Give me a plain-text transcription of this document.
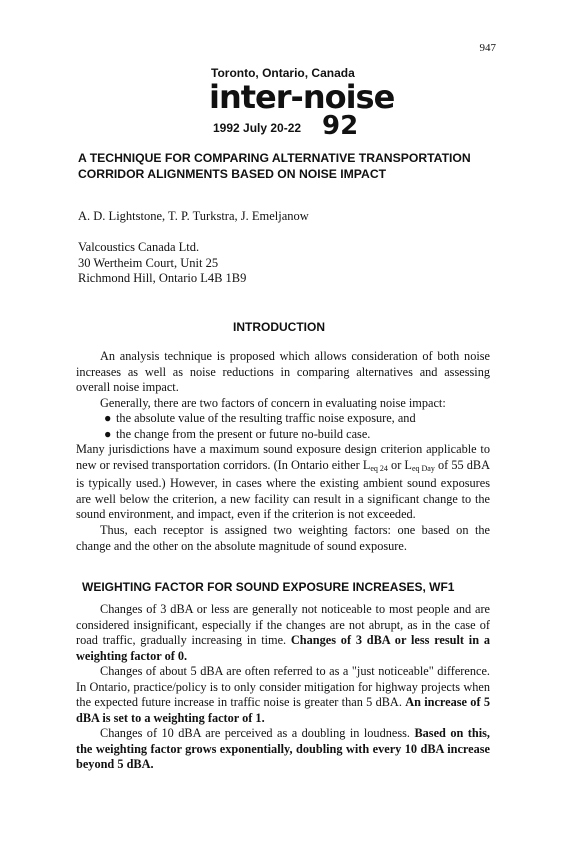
947
Toronto, Ontario, Canada
inter-noise
1992 July 20-22 92
A TECHNIQUE FOR COMPARING ALTERNATIVE TRANSPORTATION
CORRIDOR ALIGNMENTS BASED ON NOISE IMPACT
A. D. Lightstone, T. P. Turkstra, J. Emeljanow
Valcoustics Canada Ltd.
30 Wertheim Court, Unit 25
Richmond Hill, Ontario L4B 1B9
INTRODUCTION

An analysis technique is proposed which allows consideration of both noise increases as well as noise reductions in comparing alternatives and assessing overall noise impact.

Generally, there are two factors of concern in evaluating noise impact:

● the absolute value of the resulting traffic noise exposure, and
● the change from the present or future no-build case.

Many jurisdictions have a maximum sound exposure design criterion applicable to new or revised transportation corridors. (In Ontario either $L_{eq 24}$ or $L_{eq Day}$ of 55 dBA is typically used.) However, in cases where the existing ambient sound exposures are well below the criterion, a new facility can result in a significant change to the sound environment, and impact, even if the criterion is not exceeded.

Thus, each receptor is assigned two weighting factors: one based on the change and the other on the absolute magnitude of sound exposure.

WEIGHTING FACTOR FOR SOUND EXPOSURE INCREASES, WF1

Changes of 3 dBA or less are generally not noticeable to most people and are considered insignificant, especially if the changes are not abrupt, as in the case of road traffic, gradually increasing in time. Changes of 3 dBA or less result in a weighting factor of 0.

Changes of about 5 dBA are often referred to as a "just noticeable" difference. In Ontario, practice/policy is to only consider mitigation for highway projects when the expected future increase in traffic noise is greater than 5 dBA. An increase of 5 dBA is set to a weighting factor of 1.

Changes of 10 dBA are perceived as a doubling in loudness. Based on this, the weighting factor grows exponentially, doubling with every 10 dBA increase beyond 5 dBA.
